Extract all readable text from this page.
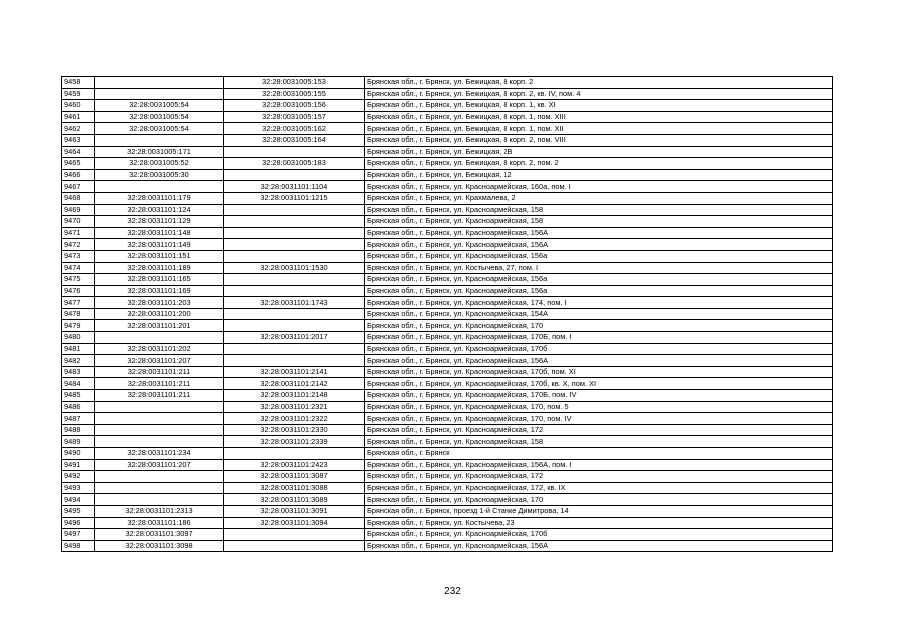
9458		32:28:0031005:153	Брянская обл., г. Брянск, ул. Бежицкая, 8 корп. 2
9459		32:28:0031005:155	Брянская обл., г. Брянск, ул. Бежицкая, 8 корп. 2, кв. IV, пом. 4
9460	32:28:0031005:54	32:28:0031005:156	Брянская обл., г. Брянск, ул. Бежицкая, 8 корп. 1, кв. XI
9461	32:28:0031005:54	32:28:0031005:157	Брянская обл., г. Брянск, ул. Бежицкая, 8 корп. 1, пом. XIII
9462	32:28:0031005:54	32:28:0031005:162	Брянская обл., г. Брянск, ул. Бежицкая, 8 корп. 1, пом. XII
9463		32:28:0031005:164	Брянская обл., г. Брянск, ул. Бежицкая, 8 корп. 2, пом. VIII
9464	32:28:0031005:171		Брянская обл., г. Брянск, ул. Бежицкая, 2В
9465	32:28:0031005:52	32:28:0031005:183	Брянская обл., г. Брянск, ул. Бежицкая, 8 корп. 2, пом. 2
9466	32:28:0031005:30		Брянская обл., г. Брянск, ул. Бежицкая, 12
9467		32:28:0031101:1104	Брянская обл., г. Брянск, ул. Красноармейская, 160а, пом. I
9468	32:28:0031101:179	32:28:0031101:1215	Брянская обл., г. Брянск, ул. Крахмалева, 2
9469	32:28:0031101:124		Брянская обл., г. Брянск, ул. Красноармейская, 158
9470	32:28:0031101:129		Брянская обл., г. Брянск, ул. Красноармейская, 158
9471	32:28:0031101:148		Брянская обл., г. Брянск, ул. Красноармейская, 156А
9472	32:28:0031101:149		Брянская обл., г. Брянск, ул. Красноармейская, 156А
9473	32:28:0031101:151		Брянская обл., г. Брянск, ул. Красноармейская, 156а
9474	32:28:0031101:189	32:28:0031101:1530	Брянская обл., г. Брянск, ул. Костычева, 27, пом. I
9475	32:28:0031101:165		Брянская обл., г. Брянск, ул. Красноармейская, 156а
9476	32:28:0031101:169		Брянская обл., г. Брянск, ул. Красноармейская, 156а
9477	32:28:0031101:203	32:28:0031101:1743	Брянская обл., г. Брянск, ул. Красноармейская, 174, пом. I
9478	32:28:0031101:200		Брянская обл., г. Брянск, ул. Красноармейская, 154А
9479	32:28:0031101:201		Брянская обл., г. Брянск, ул. Красноармейская, 170
9480		32:28:0031101:2017	Брянская обл., г. Брянск, ул. Красноармейская, 170Б, пом. I
9481	32:28:0031101:202		Брянская обл., г. Брянск, ул. Красноармейская, 170б
9482	32:28:0031101:207		Брянская обл., г. Брянск, ул. Красноармейская, 156А
9483	32:28:0031101:211	32:28:0031101:2141	Брянская обл., г. Брянск, ул. Красноармейская, 170б, пом. XI
9484	32:28:0031101:211	32:28:0031101:2142	Брянская обл., г. Брянск, ул. Красноармейская, 170б, кв. X, пом. XI
9485	32:28:0031101:211	32:28:0031101:2148	Брянская обл., г. Брянск, ул. Красноармейская, 170Б, пом. IV
9486		32:28:0031101:2321	Брянская обл., г. Брянск, ул. Красноармейская, 170, пом. 5
9487		32:28:0031101:2322	Брянская обл., г. Брянск, ул. Красноармейская, 170, пом. IV
9488		32:28:0031101:2330	Брянская обл., г. Брянск, ул. Красноармейская, 172
9489		32:28:0031101:2339	Брянская обл., г. Брянск, ул. Красноармейская, 158
9490	32:28:0031101:234		Брянская обл., г. Брянск
9491	32:28:0031101:207	32:28:0031101:2423	Брянская обл., г. Брянск, ул. Красноармейская, 156А, пом. I
9492		32:28:0031101:3087	Брянская обл., г. Брянск, ул. Красноармейская, 172
9493		32:28:0031101:3088	Брянская обл., г. Брянск, ул. Красноармейская, 172, кв. IX
9494		32:28:0031101:3089	Брянская обл., г. Брянск, ул. Красноармейская, 170
9495	32:28:0031101:2313	32:28:0031101:3091	Брянская обл., г. Брянск, проезд 1-й Станке Димитрова, 14
9496	32:28:0031101:186	32:28:0031101:3094	Брянская обл., г. Брянск, ул. Костычева, 23
9497	32:28:0031101:3097		Брянская обл., г. Брянск, ул. Красноармейская, 170б
9498	32:28:0031101:3098		Брянская обл., г. Брянск, ул. Красноармейская, 156А
232
